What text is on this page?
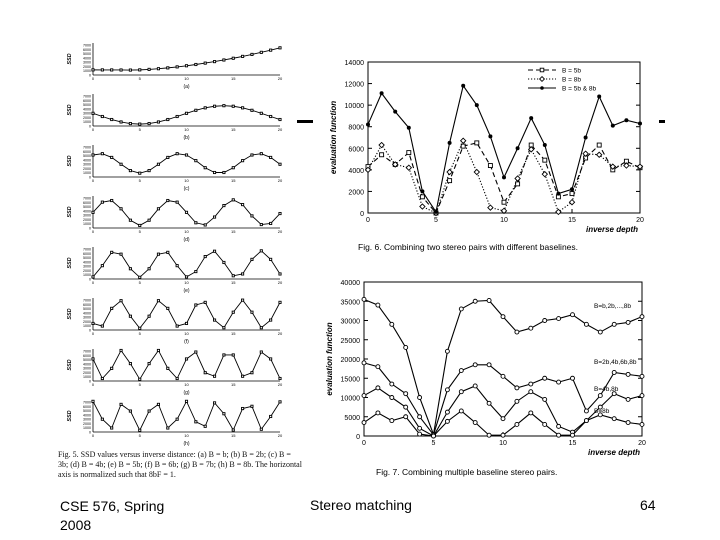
7000
6000
5000
4000
3000
2000
1000
0
SSD
0	5	10	15	20
(a)
7000
6000
5000
4000
3000
2000
1000
0
SSD
0	5	10	15	20
(b)
7000
6000
5000
4000
3000
2000
1000
0
SSD
0	5	10	15	20
(c)
7000
6000
5000
4000
3000
2000
1000
0
SSD
0	5	10	15	20
(d)
7000
6000
5000
4000
3000
2000
1000
0
SSD
0	5	10	15	20
(e)
7000
6000
5000
4000
3000
2000
1000
0
SSD
0	5	10	15	20
(f)
7000
6000
5000
4000
3000
2000
1000
0
SSD
0	5	10	15	20
(g)
7000
6000
5000
4000
3000
2000
1000
0
SSD
0	5	10	15	20
(h)
Fig. 5. SSD values versus inverse distance: (a) B = b; (b) B = 2b; (c) B = 3b; (d) B = 4b; (e) B = 5b; (f) B = 6b; (g) B = 7b; (h) B = 8b. The horizontal axis is normalized such that 8bF = 1.
0
2000
4000
6000
8000
10000
12000
14000
0	5	10	15	20
evaluation function
inverse depth
Fig. 6. Combining two stereo pairs with different baselines.
B = 5b
B = 8b
B = 5b & 8b
0
5000
10000
15000
20000
25000
30000
35000
40000
0	5	10	15	20
evaluation function
inverse depth
Fig. 7. Combining multiple baseline stereo pairs.
B=b,2b,...,8b
B=2b,4b,6b,8b
B=4b,8b
B=8b
CSE 576, Spring 2008
Stereo matching	64
